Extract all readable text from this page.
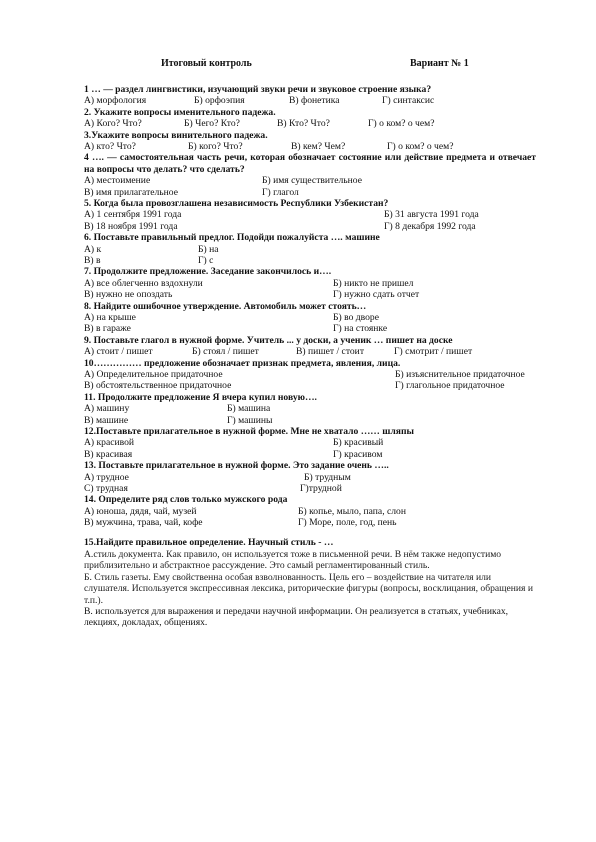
Итоговый контроль	Вариант № 1
1 … — раздел лингвистики, изучающий звуки речи и звуковое строение языка?
А) морфология	Б) орфоэпия	В) фонетика	Г) синтаксис
2. Укажите вопросы именительного падежа.
А) Кого? Что?	Б) Чего? Кто?	В) Кто? Что?	Г) о ком? о чем?
3.Укажите вопросы винительного падежа.
А) кто? Что?	Б) кого? Что?	В) кем? Чем?	Г) о ком? о чем?
4 …. — самостоятельная часть речи, которая обозначает состояние или действие предмета и отвечает на вопросы что делать? что сделать?
А) местоимение	Б) имя существительное
В) имя прилагательное	Г) глагол
5. Когда была провозглашена независимость Республики Узбекистан?
А) 1 сентября 1991 года	Б) 31 августа 1991 года
В) 18 ноября 1991 года	Г) 8 декабря 1992 года
6. Поставьте правильный предлог. Подойди пожалуйста …. машине
А) к	Б) на
В) в	Г) с
7. Продолжите предложение. Заседание закончилось и….
А) все облегченно вздохнули	Б) никто не пришел
В) нужно не опоздать	Г) нужно сдать отчет
8. Найдите ошибочное утверждение. Автомобиль может стоять…
А) на крыше	Б) во дворе
В) в гараже	Г) на стоянке
9. Поставьте глагол в нужной форме. Учитель ... у доски, а ученик … пишет на доске
А) стоит / пишет	Б) стоял / пишет	В) пишет / стоит	Г) смотрит / пишет
10…………… предложение обозначает признак предмета, явления, лица.
А) Определительное придаточное	Б) изъяснительное придаточное
В) обстоятельственное придаточное	Г) глагольное придаточное
11. Продолжите предложение Я вчера купил новую….
А) машину	Б) машина
В) машине	Г) машины
12.Поставьте прилагательное в нужной форме. Мне не хватало …… шляпы
А) красивой	Б) красивый
В) красивая	Г) красивом
13. Поставьте прилагательное в нужной форме. Это задание очень …..
А) трудное	Б) трудным
С) трудная	Г)трудной
14. Определите ряд слов только мужского рода
А) юноша, дядя, чай, музей	Б) копье, мыло, папа, слон
В) мужчина, трава, чай, кофе	Г) Море, поле, год, пень
15.Найдите правильное определение. Научный стиль - …
А.стиль документа. Как правило, он используется тоже в письменной речи. В нём также недопустимо приблизительно и абстрактное рассуждение. Это самый регламентированный стиль.
Б. Стиль газеты. Ему свойственна особая взволнованность. Цель его – воздействие на читателя или слушателя. Используется экспрессивная лексика, риторические фигуры (вопросы, восклицания, обращения и т.п.).
В. используется для выражения и передачи научной информации. Он реализуется в статьях, учебниках, лекциях, докладах, общениях.
